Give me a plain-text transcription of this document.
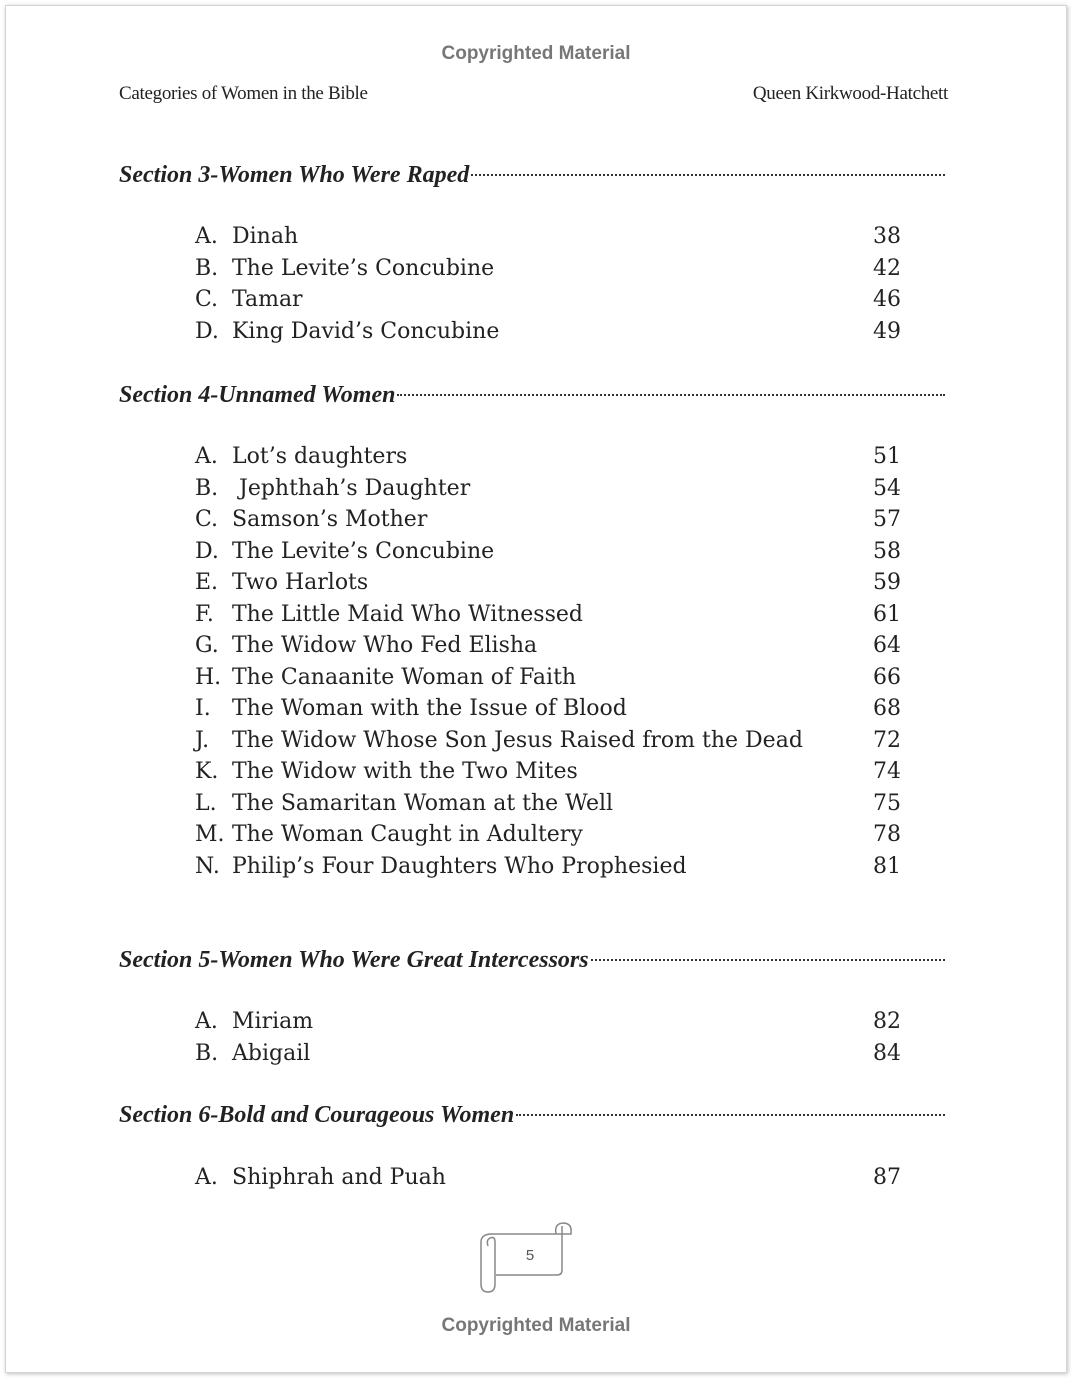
Copyrighted Material
Categories of Women in the Bible	Queen Kirkwood-Hatchett
Section 3-Women Who Were Raped
A. Dinah	38
B. The Levite’s Concubine	42
C. Tamar	46
D. King David’s Concubine	49
Section 4-Unnamed Women
A. Lot’s daughters	51
B. Jephthah’s Daughter	54
C. Samson’s Mother	57
D. The Levite’s Concubine	58
E. Two Harlots	59
F. The Little Maid Who Witnessed	61
G. The Widow Who Fed Elisha	64
H. The Canaanite Woman of Faith	66
I. The Woman with the Issue of Blood	68
J.	The Widow Whose Son Jesus Raised from the Dead	72
K. The Widow with the Two Mites	74
L. The Samaritan Woman at the Well	75
M. The Woman Caught in Adultery	78
N. Philip’s Four Daughters Who Prophesied	81
Section 5-Women Who Were Great Intercessors
A. Miriam	82
B. Abigail	84
Section 6-Bold and Courageous Women
A. Shiphrah and Puah	87
5
Copyrighted Material
